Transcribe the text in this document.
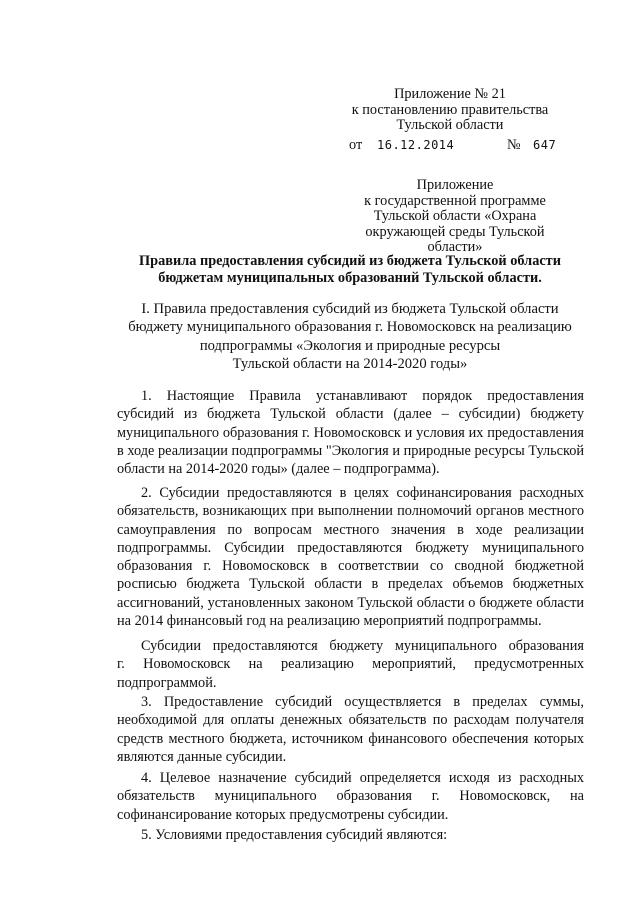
Приложение № 21
к постановлению правительства
Тульской области
от 16.12.2014	№ 647
Приложение
к государственной программе
Тульской области «Охрана
окружающей среды Тульской
области»
Правила предоставления субсидий из бюджета Тульской области
бюджетам муниципальных образований Тульской области.
I. Правила предоставления субсидий из бюджета Тульской области
бюджету муниципального образования г. Новомосковск на реализацию
подпрограммы «Экология и природные ресурсы
Тульской области на 2014-2020 годы»
1. Настоящие Правила устанавливают порядок предоставления
субсидий из бюджета Тульской области (далее – субсидии) бюджету
муниципального образования г. Новомосковск и условия их предоставления
в ходе реализации подпрограммы "Экология и природные ресурсы Тульской
области на 2014-2020 годы» (далее – подпрограмма).
2. Субсидии предоставляются в целях софинансирования расходных
обязательств, возникающих при выполнении полномочий органов местного
самоуправления по вопросам местного значения в ходе реализации
подпрограммы. Субсидии предоставляются бюджету муниципального
образования г. Новомосковск в соответствии со сводной бюджетной
росписью бюджета Тульской области в пределах объемов бюджетных
ассигнований, установленных законом Тульской области о бюджете области
на 2014 финансовый год на реализацию мероприятий подпрограммы.
Субсидии предоставляются бюджету муниципального образования
г. Новомосковск на реализацию мероприятий, предусмотренных
подпрограммой.
3. Предоставление субсидий осуществляется в пределах суммы,
необходимой для оплаты денежных обязательств по расходам получателя
средств местного бюджета, источником финансового обеспечения которых
являются данные субсидии.
4. Целевое назначение субсидий определяется исходя из расходных
обязательств муниципального образования г. Новомосковск, на
софинансирование которых предусмотрены субсидии.
5. Условиями предоставления субсидий являются:
